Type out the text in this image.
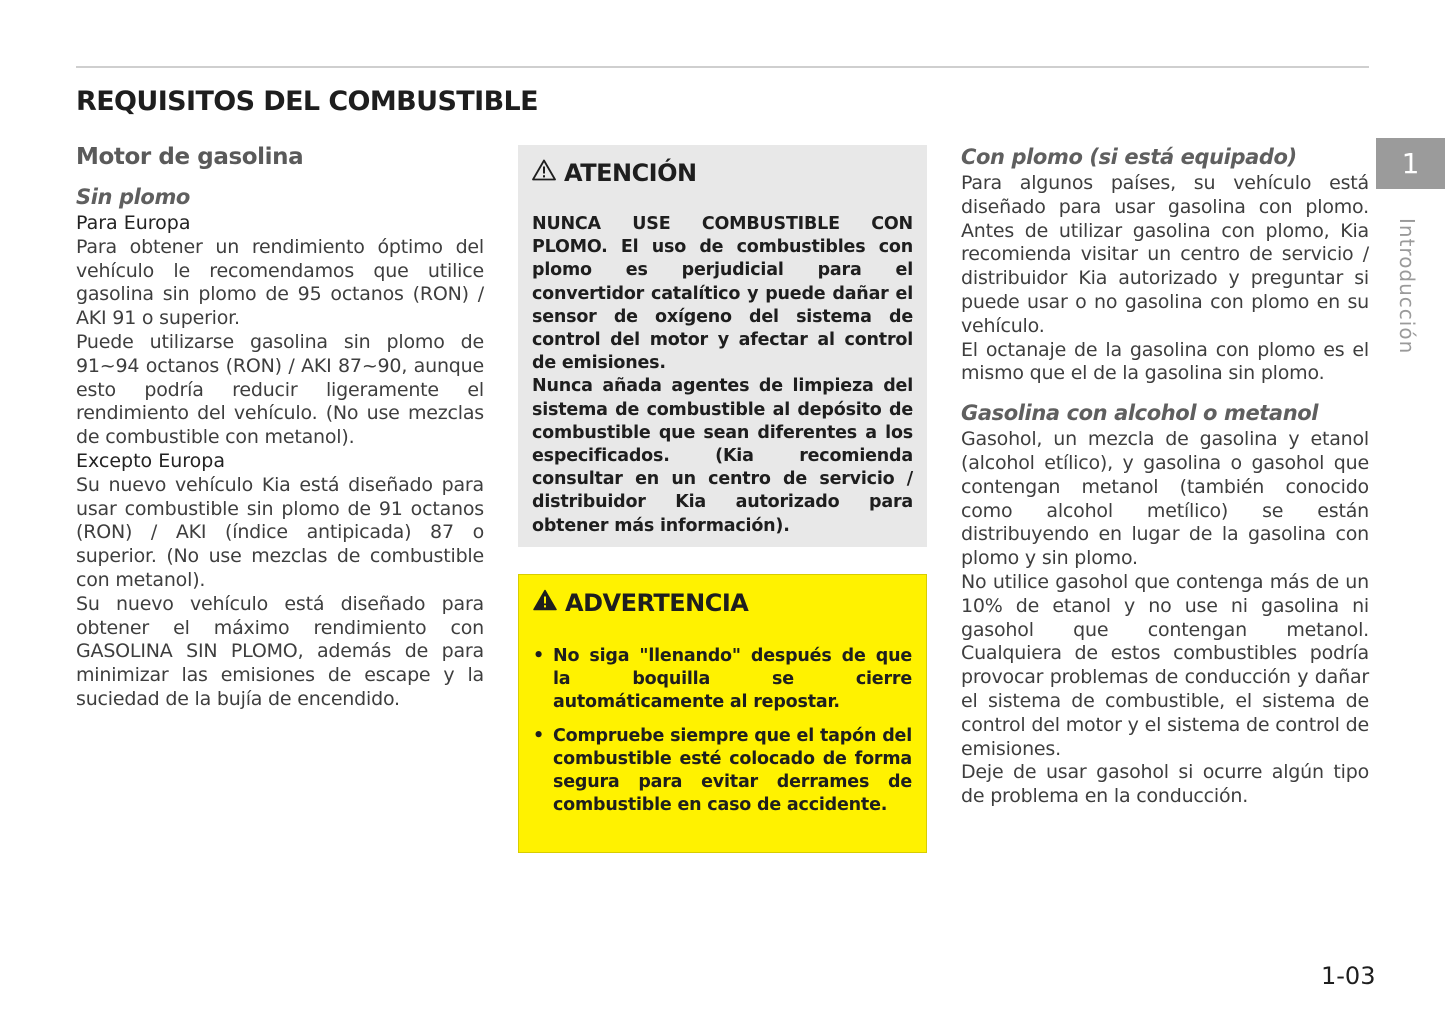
REQUISITOS DEL COMBUSTIBLE
Motor de gasolina
Sin plomo

Para Europa

Para obtener un rendimiento óptimo del vehículo le recomendamos que utilice gasolina sin plomo de 95 octanos (RON) / AKI 91 o superior.

Puede utilizarse gasolina sin plomo de 91~94 octanos (RON) / AKI 87~90, aunque esto podría reducir ligeramente el rendimiento del vehículo. (No use mezclas de combustible con metanol).

Excepto Europa

Su nuevo vehículo Kia está diseñado para usar combustible sin plomo de 91 octanos (RON) / AKI (índice antipicada) 87 o superior. (No use mezclas de combustible con metanol).

Su nuevo vehículo está diseñado para obtener el máximo rendimiento con GASOLINA SIN PLOMO, además de para minimizar las emisiones de escape y la suciedad de la bujía de encendido.

ATENCIÓN

NUNCA USE COMBUSTIBLE CON PLOMO. El uso de combustibles con plomo es perjudicial para el convertidor catalítico y puede dañar el sensor de oxígeno del sistema de control del motor y afectar al control de emisiones.

Nunca añada agentes de limpieza del sistema de combustible al depósito de combustible que sean diferentes a los especificados. (Kia recomienda consultar en un centro de servicio / distribuidor Kia autorizado para obtener más información).

ADVERTENCIA
• No siga "llenando" después de que la boquilla se cierre automáticamente al repostar.
• Compruebe siempre que el tapón del combustible esté colocado de forma segura para evitar derrames de combustible en caso de accidente.
Con plomo (si está equipado)

Para algunos países, su vehículo está diseñado para usar gasolina con plomo. Antes de utilizar gasolina con plomo, Kia recomienda visitar un centro de servicio / distribuidor Kia autorizado y preguntar si puede usar o no gasolina con plomo en su vehículo.

El octanaje de la gasolina con plomo es el mismo que el de la gasolina sin plomo.

Gasolina con alcohol o metanol

Gasohol, un mezcla de gasolina y etanol (alcohol etílico), y gasolina o gasohol que contengan metanol (también conocido como alcohol metílico) se están distribuyendo en lugar de la gasolina con plomo y sin plomo.

No utilice gasohol que contenga más de un 10% de etanol y no use ni gasolina ni gasohol que contengan metanol. Cualquiera de estos combustibles podría provocar problemas de conducción y dañar el sistema de combustible, el sistema de control del motor y el sistema de control de emisiones.

Deje de usar gasohol si ocurre algún tipo de problema en la conducción.

1
Introducción
1-03
